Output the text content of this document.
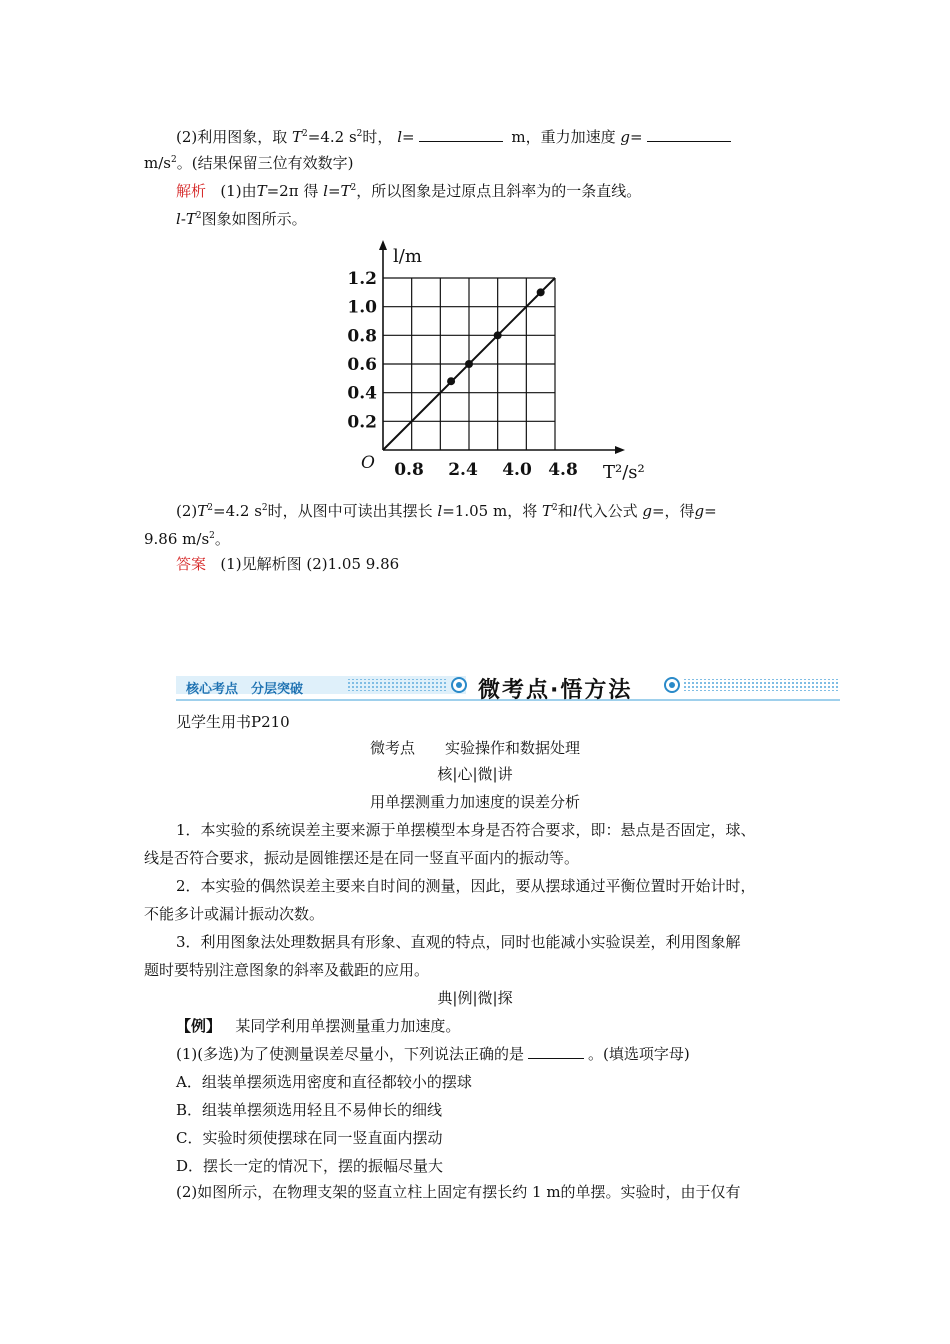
(2)利用图象，取 $T^2=4.2$ $s^2$时， l=	m，重力加速度 g=
$m/s^2$。(结果保留三位有效数字)
解析 (1)由T=2π 得 $l=T^2$，所以图象是过原点且斜率为的一条直线。
$l-T^2$图象如图所示。
0.2
0.4
0.6
0.8
1.0
1.2
0.8 2.4 4.0 4.8
O
l/m
T²/s²
$(2)T^2=4.2$ $s^2$时，从图中可读出其摆长 l=1.05 m，将 $T^2$和l代入公式 g=，得g=
9.86 $m/s^2$。
答案 (1)见解析图 (2)1.05 9.86
核心考点　分层突破	微考点·悟方法
见学生用书P210
微考点　　实验操作和数据处理
核|心|微|讲
用单摆测重力加速度的误差分析
1．本实验的系统误差主要来源于单摆模型本身是否符合要求，即：悬点是否固定，球、
线是否符合要求，振动是圆锥摆还是在同一竖直平面内的振动等。
2．本实验的偶然误差主要来自时间的测量，因此，要从摆球通过平衡位置时开始计时，
不能多计或漏计振动次数。
3．利用图象法处理数据具有形象、直观的特点，同时也能减小实验误差，利用图象解
题时要特别注意图象的斜率及截距的应用。
典|例|微|探
【例】 某同学利用单摆测量重力加速度。
(1)(多选)为了使测量误差尽量小，下列说法正确的是	。(填选项字母)
A．组装单摆须选用密度和直径都较小的摆球
B．组装单摆须选用轻且不易伸长的细线
C．实验时须使摆球在同一竖直面内摆动
D．摆长一定的情况下，摆的振幅尽量大
(2)如图所示，在物理支架的竖直立柱上固定有摆长约 1 m的单摆。实验时，由于仅有
